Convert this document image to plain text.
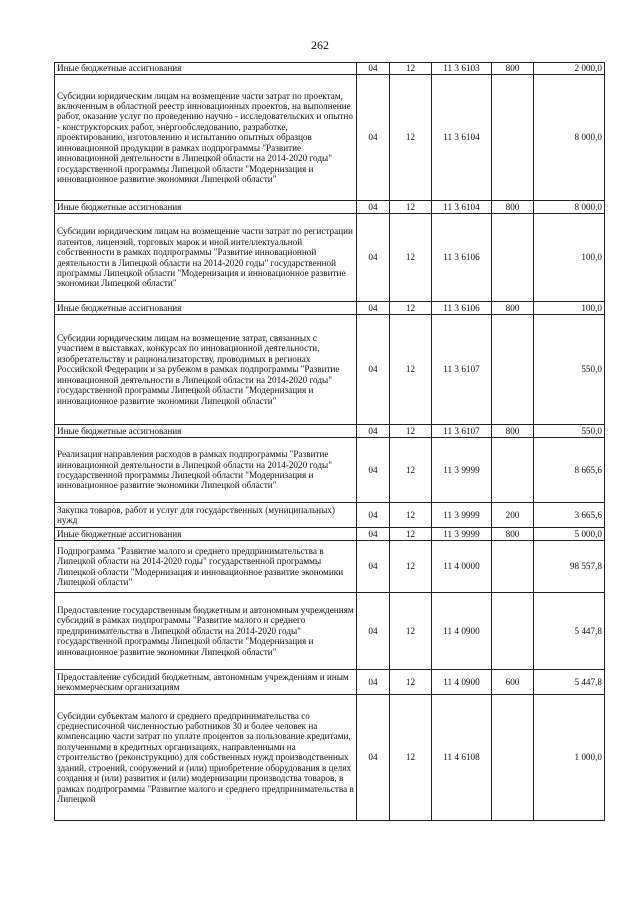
262
Иные бюджетные ассигнования	04	12	11 3 6103	800	2 000,0
Субсидии юридическим лицам на возмещение части затрат по проектам, включенным в областной реестр инновационных проектов, на выполнение работ, оказание услуг по проведению научно - исследовательских и опытно - конструкторских работ, энергообследованию, разработке, проектированию, изготовлению и испытанию опытных образцов инновационной продукции в рамках подпрограммы "Развитие инновационной деятельности в Липецкой области на 2014-2020 годы" государственной программы Липецкой области "Модернизация и инновационное развитие экономики Липецкой области"	04	12	11 3 6104		8 000,0
Иные бюджетные ассигнования	04	12	11 3 6104	800	8 000,0
Субсидии юридическим лицам на возмещение части затрат по регистрации патентов, лицензий, торговых марок и иной интеллектуальной собственности в рамках подпрограммы "Развитие инновационной деятельности в Липецкой области на 2014-2020 годы" государственной программы Липецкой области "Модернизация и инновационное развитие экономики Липецкой области"	04	12	11 3 6106		100,0
Иные бюджетные ассигнования	04	12	11 3 6106	800	100,0
Субсидии юридическим лицам на возмещение затрат, связанных с участием в выставках, конкурсах по инновационной деятельности, изобретательству и рационализаторству, проводимых в регионах Российской Федерации и за рубежом в рамках подпрограммы "Развитие инновационной деятельности в Липецкой области на 2014-2020 годы" государственной программы Липецкой области "Модернизация и инновационное развитие экономики Липецкой области"	04	12	11 3 6107		550,0
Иные бюджетные ассигнования	04	12	11 3 6107	800	550,0
Реализация направления расходов в рамках подпрограммы "Развитие инновационной деятельности в Липецкой области на 2014-2020 годы" государственной программы Липецкой области "Модернизация и инновационное развитие экономики Липецкой области"	04	12	11 3 9999		8 665,6
Закупка товаров, работ и услуг для государственных (муниципальных) нужд	04	12	11 3 9999	200	3 665,6
Иные бюджетные ассигнования	04	12	11 3 9999	800	5 000,0
Подпрограмма "Развитие малого и среднего предпринимательства в Липецкой области на 2014-2020 годы" государственной программы Липецкой области "Модернизация и инновационное развитие экономики Липецкой области"	04	12	11 4 0000		98 557,8
Предоставление государственным бюджетным и автономным учреждениям субсидий в рамках подпрограммы "Развитие малого и среднего предпринимательства в Липецкой области на 2014-2020 годы" государственной программы Липецкой области "Модернизация и инновационное развитие экономики Липецкой области"	04	12	11 4 0900		5 447,8
Предоставление субсидий бюджетным, автономным учреждениям и иным некоммерческим организациям	04	12	11 4 0900	600	5 447,8
Субсидии субъектам малого и среднего предпринимательства со среднесписочной численностью работников 30 и более человек на компенсацию части затрат по уплате процентов за пользование кредитами, полученными в кредитных организациях, направленными на строительство (реконструкцию) для собственных нужд производственных зданий, строений, сооружений и (или) приобретение оборудования в целях создания и (или) развития и (или) модернизации производства товаров, в рамках подпрограммы "Развитие малого и среднего предпринимательства в Липецкой	04	12	11 4 6108		1 000,0
